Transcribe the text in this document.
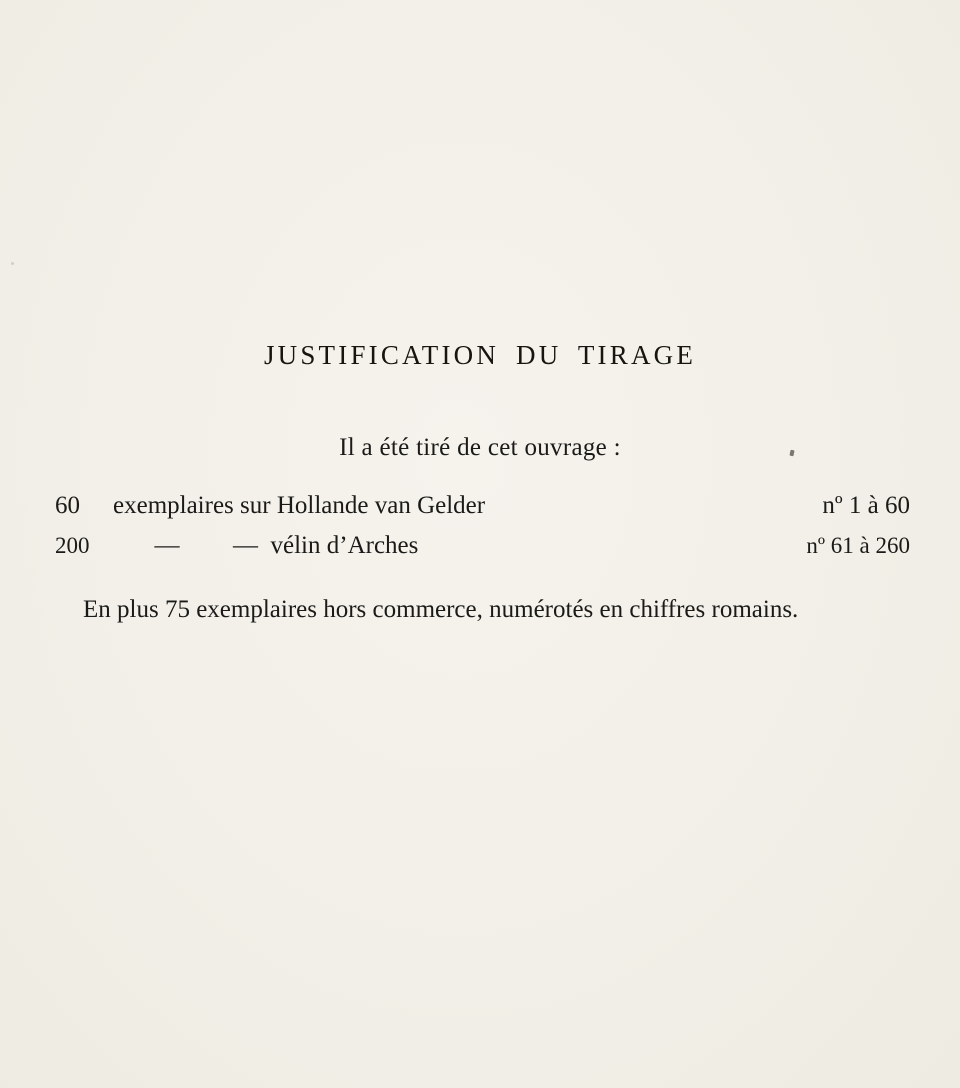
JUSTIFICATION DU TIRAGE
Il a été tiré de cet ouvrage :
60	exemplaires sur Hollande van Gelder		nº 1 à 60
200	—	— vélin d’Arches	nº 61 à 260
En plus 75 exemplaires hors commerce, numérotés en chiffres romains.
